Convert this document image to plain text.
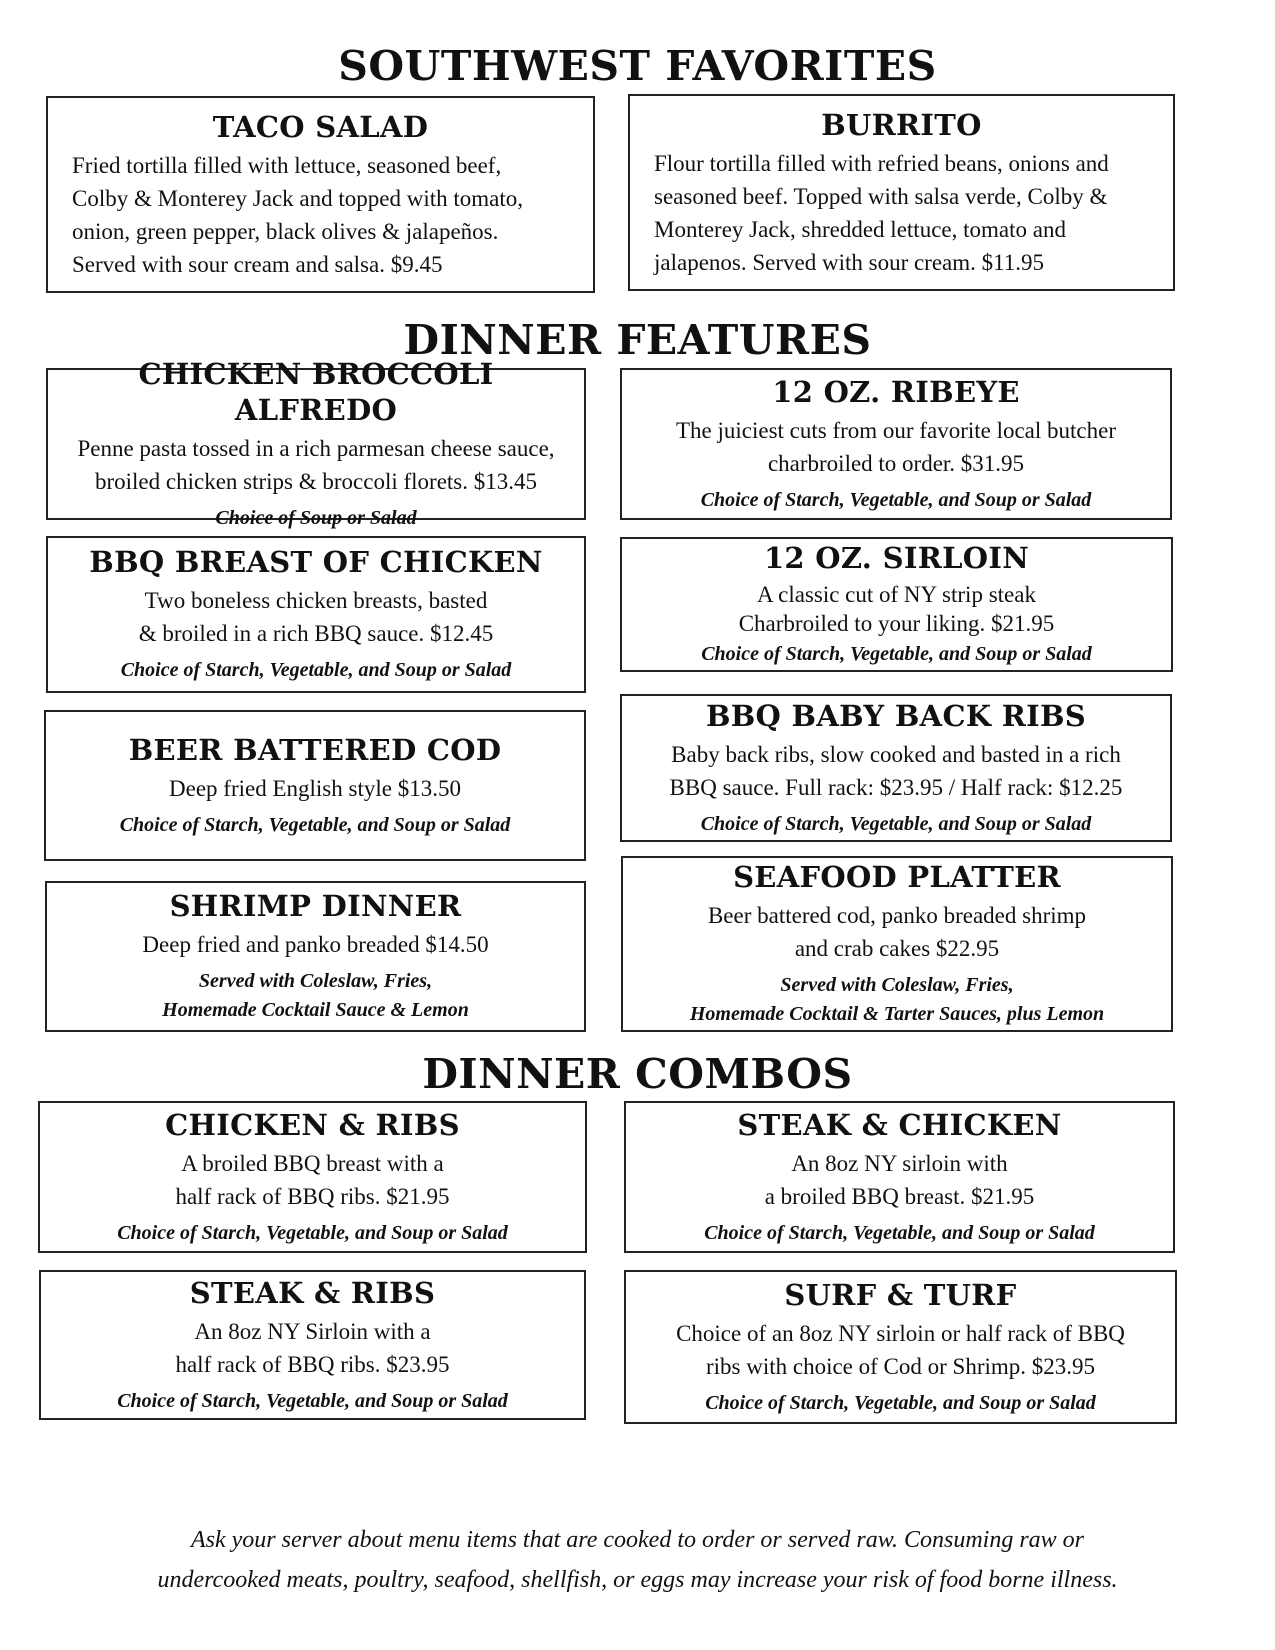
SOUTHWEST FAVORITES
TACO SALAD
Fried tortilla filled with lettuce, seasoned beef,
Colby & Monterey Jack and topped with tomato,
onion, green pepper, black olives & jalapeños.
Served with sour cream and salsa. $9.45
BURRITO
Flour tortilla filled with refried beans, onions and
seasoned beef. Topped with salsa verde, Colby &
Monterey Jack, shredded lettuce, tomato and
jalapenos. Served with sour cream. $11.95
DINNER FEATURES
CHICKEN BROCCOLI ALFREDO
Penne pasta tossed in a rich parmesan cheese sauce,
broiled chicken strips & broccoli florets. $13.45
Choice of Soup or Salad
12 OZ. RIBEYE
The juiciest cuts from our favorite local butcher
charbroiled to order. $31.95
Choice of Starch, Vegetable, and Soup or Salad
BBQ BREAST OF CHICKEN
Two boneless chicken breasts, basted
& broiled in a rich BBQ sauce. $12.45
Choice of Starch, Vegetable, and Soup or Salad
12 OZ. SIRLOIN
A classic cut of NY strip steak
Charbroiled to your liking. $21.95
Choice of Starch, Vegetable, and Soup or Salad
BEER BATTERED COD
Deep fried English style $13.50
Choice of Starch, Vegetable, and Soup or Salad
BBQ BABY BACK RIBS
Baby back ribs, slow cooked and basted in a rich
BBQ sauce. Full rack: $23.95 / Half rack: $12.25
Choice of Starch, Vegetable, and Soup or Salad
SHRIMP DINNER
Deep fried and panko breaded $14.50
Served with Coleslaw, Fries,
Homemade Cocktail Sauce & Lemon
SEAFOOD PLATTER
Beer battered cod, panko breaded shrimp
and crab cakes $22.95
Served with Coleslaw, Fries,
Homemade Cocktail & Tarter Sauces, plus Lemon
DINNER COMBOS
CHICKEN & RIBS
A broiled BBQ breast with a
half rack of BBQ ribs. $21.95
Choice of Starch, Vegetable, and Soup or Salad
STEAK & CHICKEN
An 8oz NY sirloin with
a broiled BBQ breast. $21.95
Choice of Starch, Vegetable, and Soup or Salad
STEAK & RIBS
An 8oz NY Sirloin with a
half rack of BBQ ribs. $23.95
Choice of Starch, Vegetable, and Soup or Salad
SURF & TURF
Choice of an 8oz NY sirloin or half rack of BBQ
ribs with choice of Cod or Shrimp. $23.95
Choice of Starch, Vegetable, and Soup or Salad
Ask your server about menu items that are cooked to order or served raw. Consuming raw or
undercooked meats, poultry, seafood, shellfish, or eggs may increase your risk of food borne illness.
